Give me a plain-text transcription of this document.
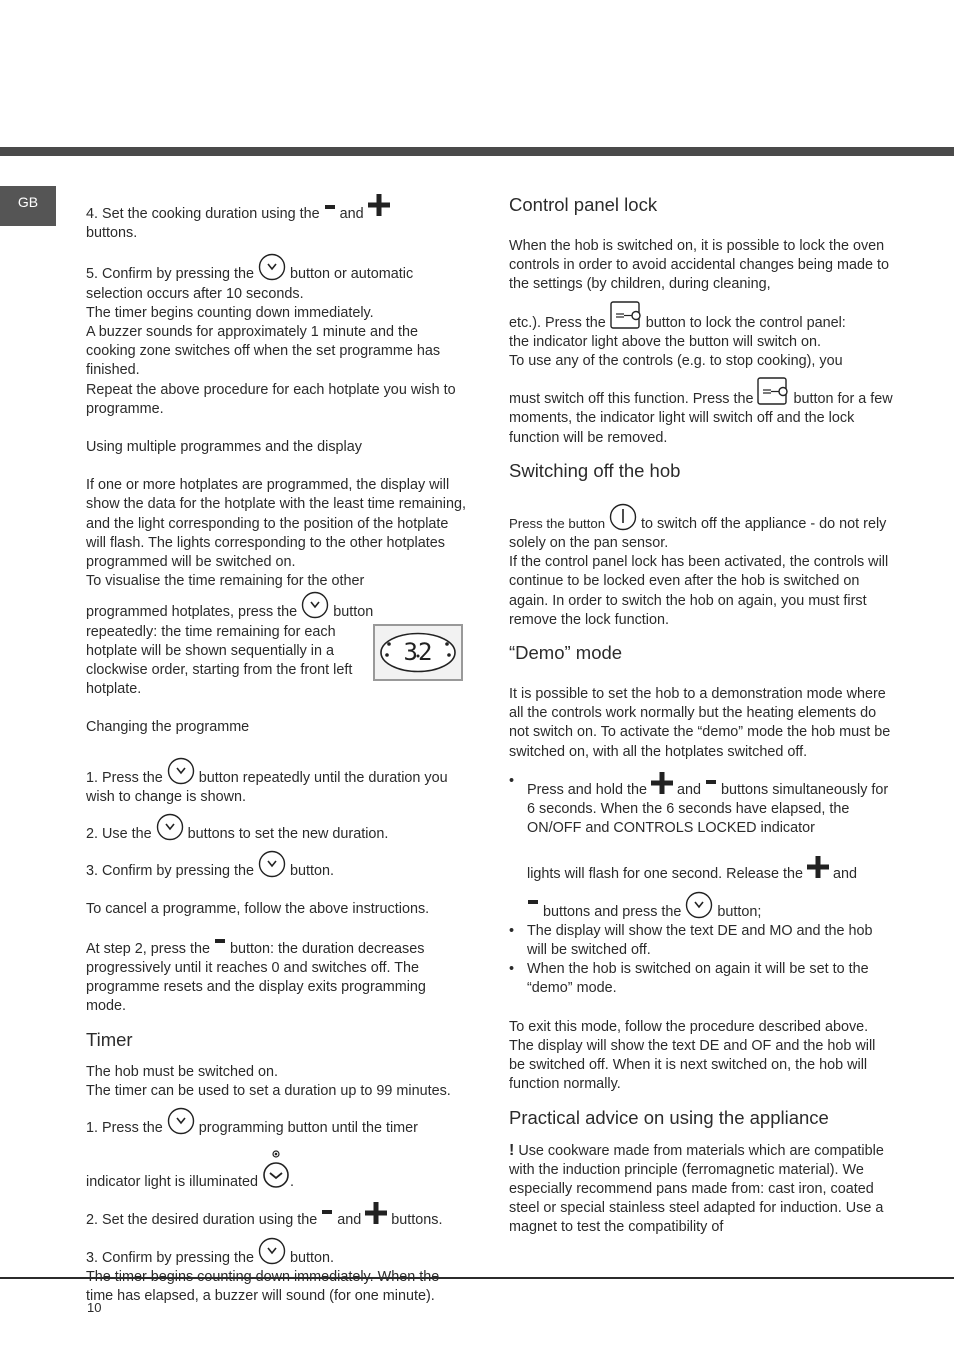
GB

4. Set the cooking duration using the and

buttons.

5. Confirm by pressing the	button or automatic selection occurs after 10 seconds.

The timer begins counting down immediately.

A buzzer sounds for approximately 1 minute and the cooking zone switches off when the set programme has finished.

Repeat the above procedure for each hotplate you wish to programme.

Using multiple programmes and the display

If one or more hotplates are programmed, the display will show the data for the hotplate with the least time remaining, and the light corresponding to the position of the hotplate will flash. The lights corresponding to the other hotplates programmed will be switched on.

To visualise the time remaining for the other programmed hotplates, press the	button repeatedly: the time remaining for each hotplate will be shown sequentially in a clockwise order, starting from the front left hotplate.

Changing the programme

1. Press the	button repeatedly until the duration you wish to change is shown.

2. Use the	buttons to set the new duration.

3. Confirm by pressing the	button.

To cancel a programme, follow the above instructions.

At step 2, press the button: the duration decreases progressively until it reaches 0 and switches off. The programme resets and the display exits programming mode.

Timer

The hob must be switched on.

The timer can be used to set a duration up to 99 minutes.

1. Press the	programming button until the timer

indicator light is illuminated .

2. Set the desired duration using the and buttons.

3. Confirm by pressing the	button.

time has elapsed, a buzzer will sound (for one minute).

32
Control panel lock

When the hob is switched on, it is possible to lock the oven controls in order to avoid accidental changes being made to the settings (by children, during cleaning,

etc.). Press the	button to lock the control panel:

the indicator light above the button will switch on.

To use any of the controls (e.g. to stop cooking), you

must switch off this function. Press the	button for a few moments, the indicator light will switch off and the lock function will be removed.

Switching off the hob

Press the button	to switch off the appliance - do not rely solely on the pan sensor.

If the control panel lock has been activated, the controls will continue to be locked even after the hob is switched on again. In order to switch the hob on again, you must first remove the lock function.

“Demo” mode

It is possible to set the hob to a demonstration mode where all the controls work normally but the heating elements do not switch on. To activate the “demo” mode the hob must be switched on, with all the hotplates switched off.

• Press and hold the and buttons simultaneously for 6 seconds. When the 6 seconds have elapsed, the ON/OFF and CONTROLS LOCKED indicator
lights will flash for one second. Release the and
buttons and press the	button;
• The display will show the text DE and MO and the hob will be switched off.
• When the hob is switched on again it will be set to the “demo” mode.

To exit this mode, follow the procedure described above. The display will show the text DE and OF and the hob will be switched off. When it is next switched on, the hob will function normally.

Practical advice on using the appliance

! Use cookware made from materials which are compatible with the induction principle (ferromagnetic material). We especially recommend pans made from: cast iron, coated steel or special stainless steel adapted for induction. Use a magnet to test the compatibility of

10
